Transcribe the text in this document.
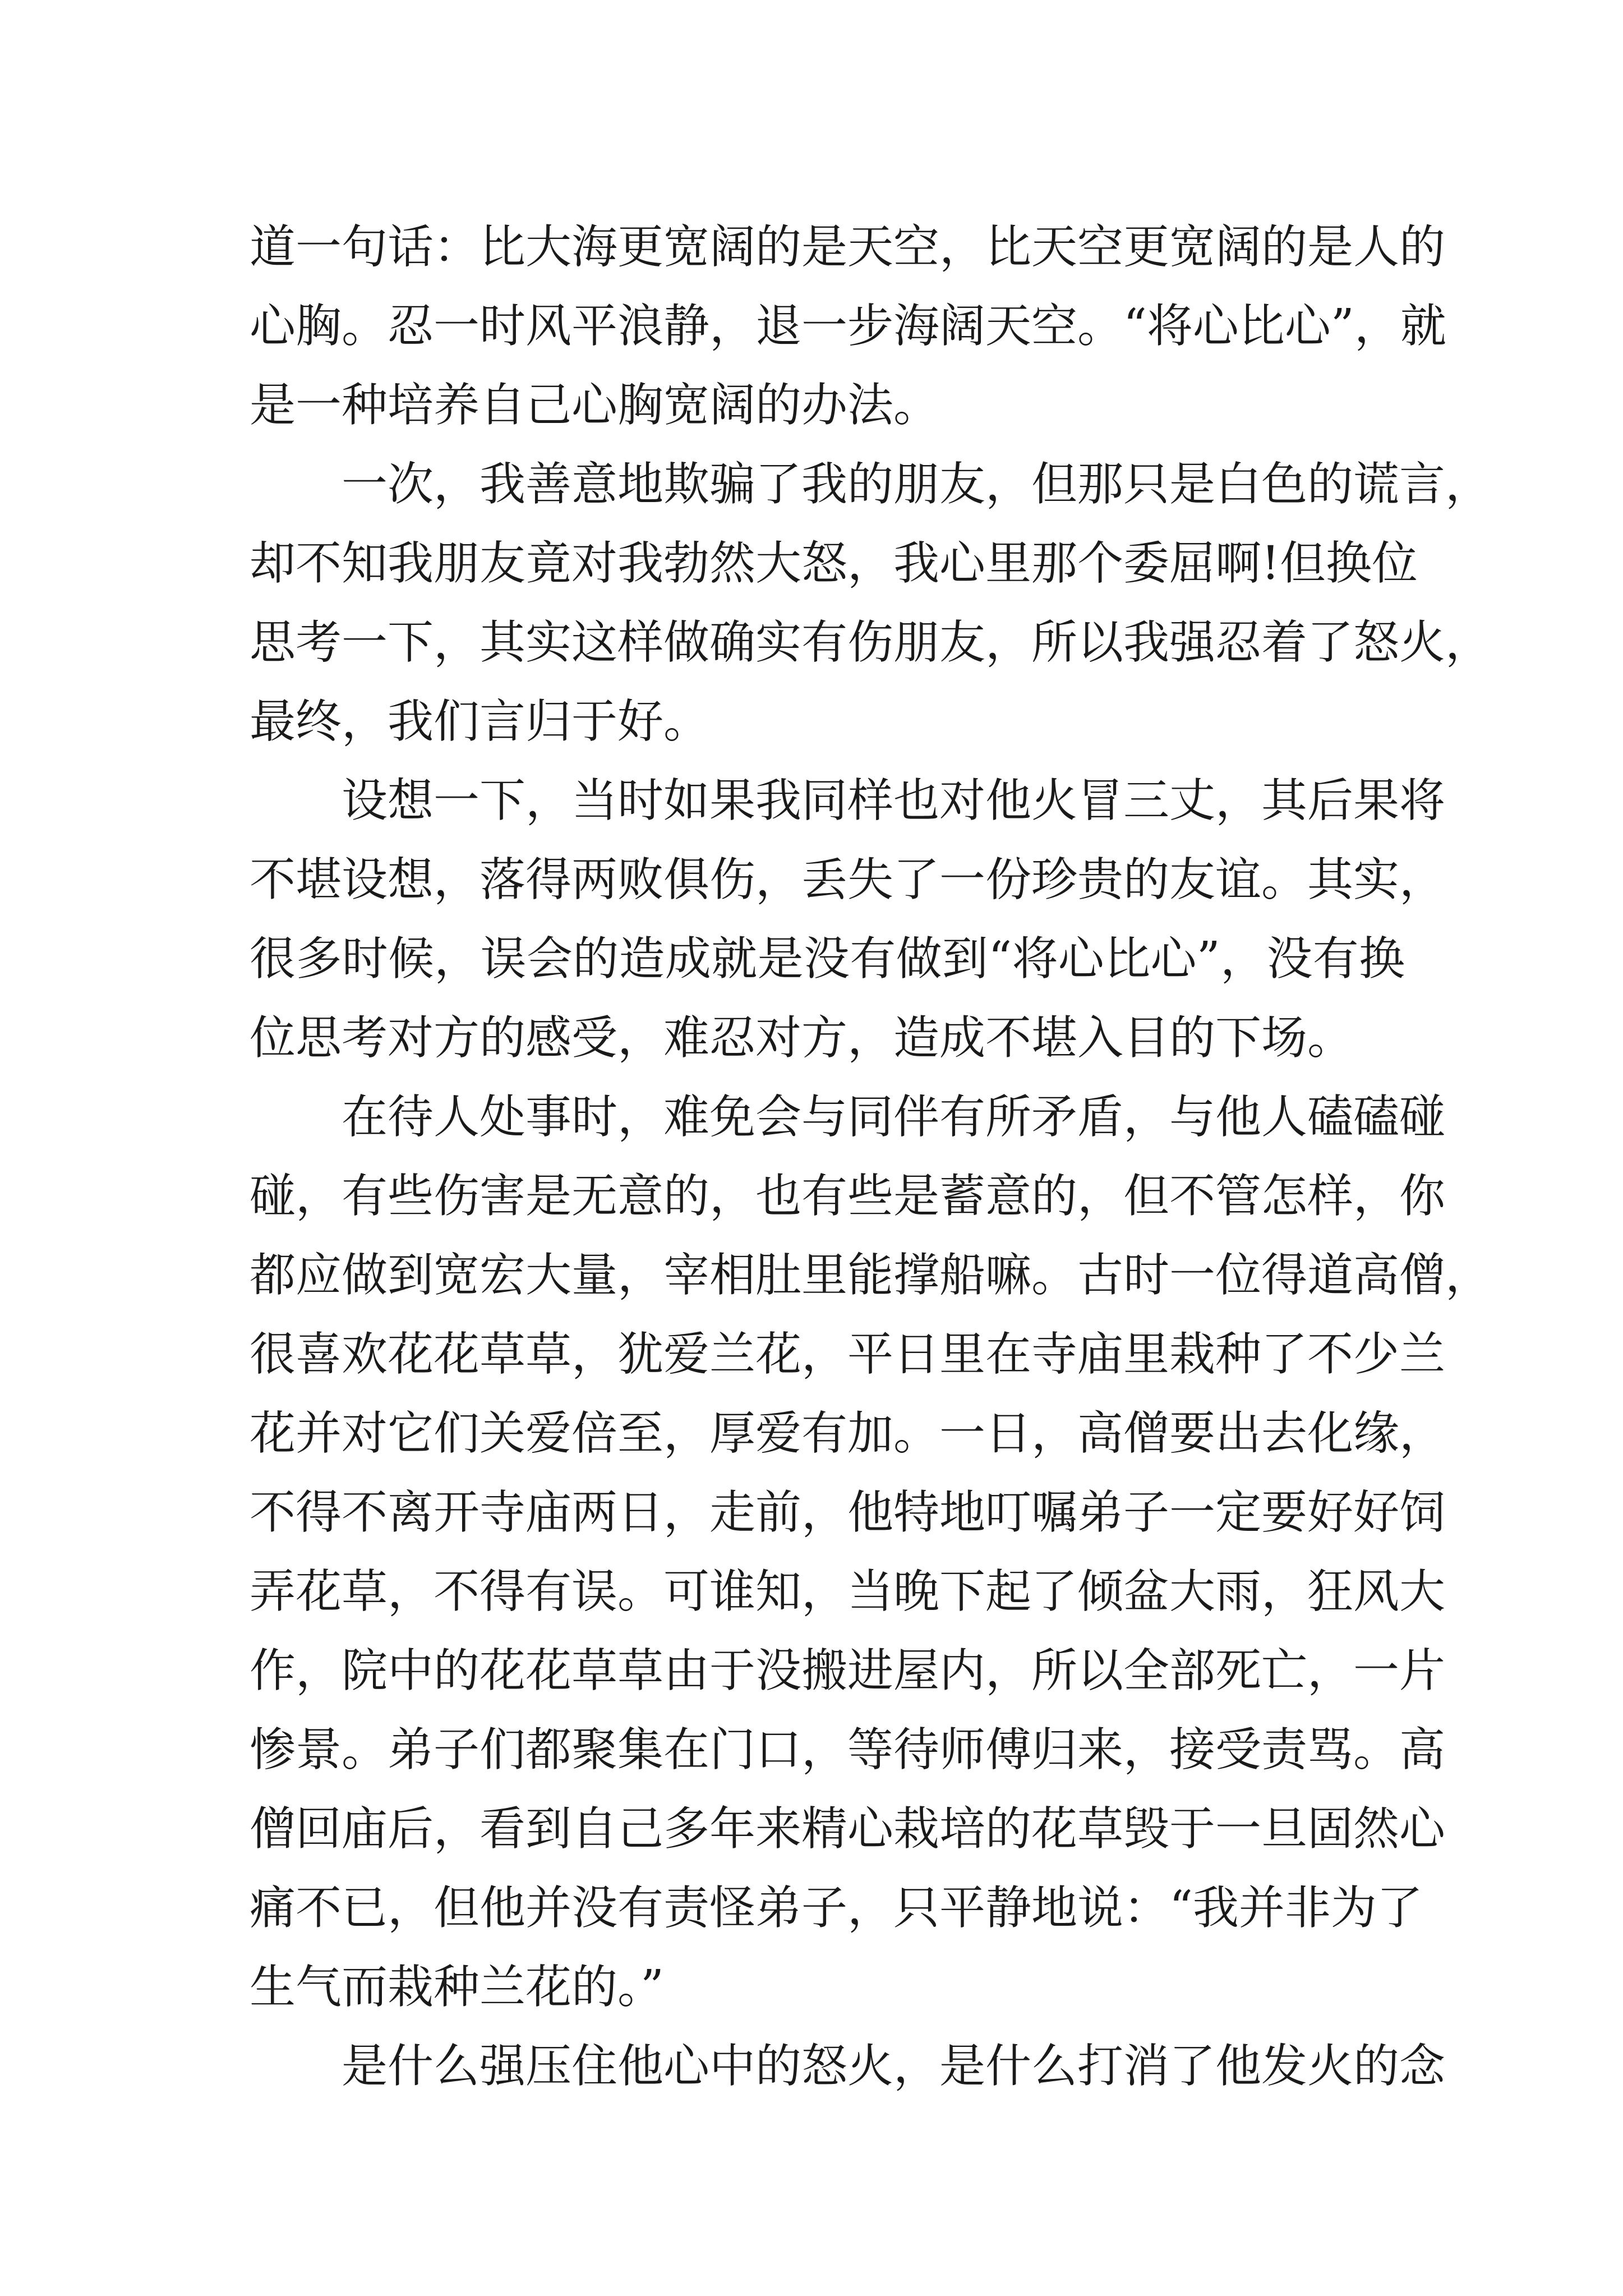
道一句话：比大海更宽阔的是天空，比天空更宽阔的是人的
心胸。忍一时风平浪静，退一步海阔天空。“将心比心”，就
是一种培养自己心胸宽阔的办法。
一次，我善意地欺骗了我的朋友，但那只是白色的谎言，
却不知我朋友竟对我勃然大怒，我心里那个委屈啊!但换位
思考一下，其实这样做确实有伤朋友，所以我强忍着了怒火，
最终，我们言归于好。
设想一下，当时如果我同样也对他火冒三丈，其后果将
不堪设想，落得两败俱伤，丢失了一份珍贵的友谊。其实，
很多时候，误会的造成就是没有做到“将心比心”，没有换
位思考对方的感受，难忍对方，造成不堪入目的下场。
在待人处事时，难免会与同伴有所矛盾，与他人磕磕碰
碰，有些伤害是无意的，也有些是蓄意的，但不管怎样，你
都应做到宽宏大量，宰相肚里能撑船嘛。古时一位得道高僧，
很喜欢花花草草，犹爱兰花，平日里在寺庙里栽种了不少兰
花并对它们关爱倍至，厚爱有加。一日，高僧要出去化缘，
不得不离开寺庙两日，走前，他特地叮嘱弟子一定要好好饲
弄花草，不得有误。可谁知，当晚下起了倾盆大雨，狂风大
作，院中的花花草草由于没搬进屋内，所以全部死亡，一片
惨景。弟子们都聚集在门口，等待师傅归来，接受责骂。高
僧回庙后，看到自己多年来精心栽培的花草毁于一旦固然心
痛不已，但他并没有责怪弟子，只平静地说：“我并非为了
生气而栽种兰花的。”
是什么强压住他心中的怒火，是什么打消了他发火的念
